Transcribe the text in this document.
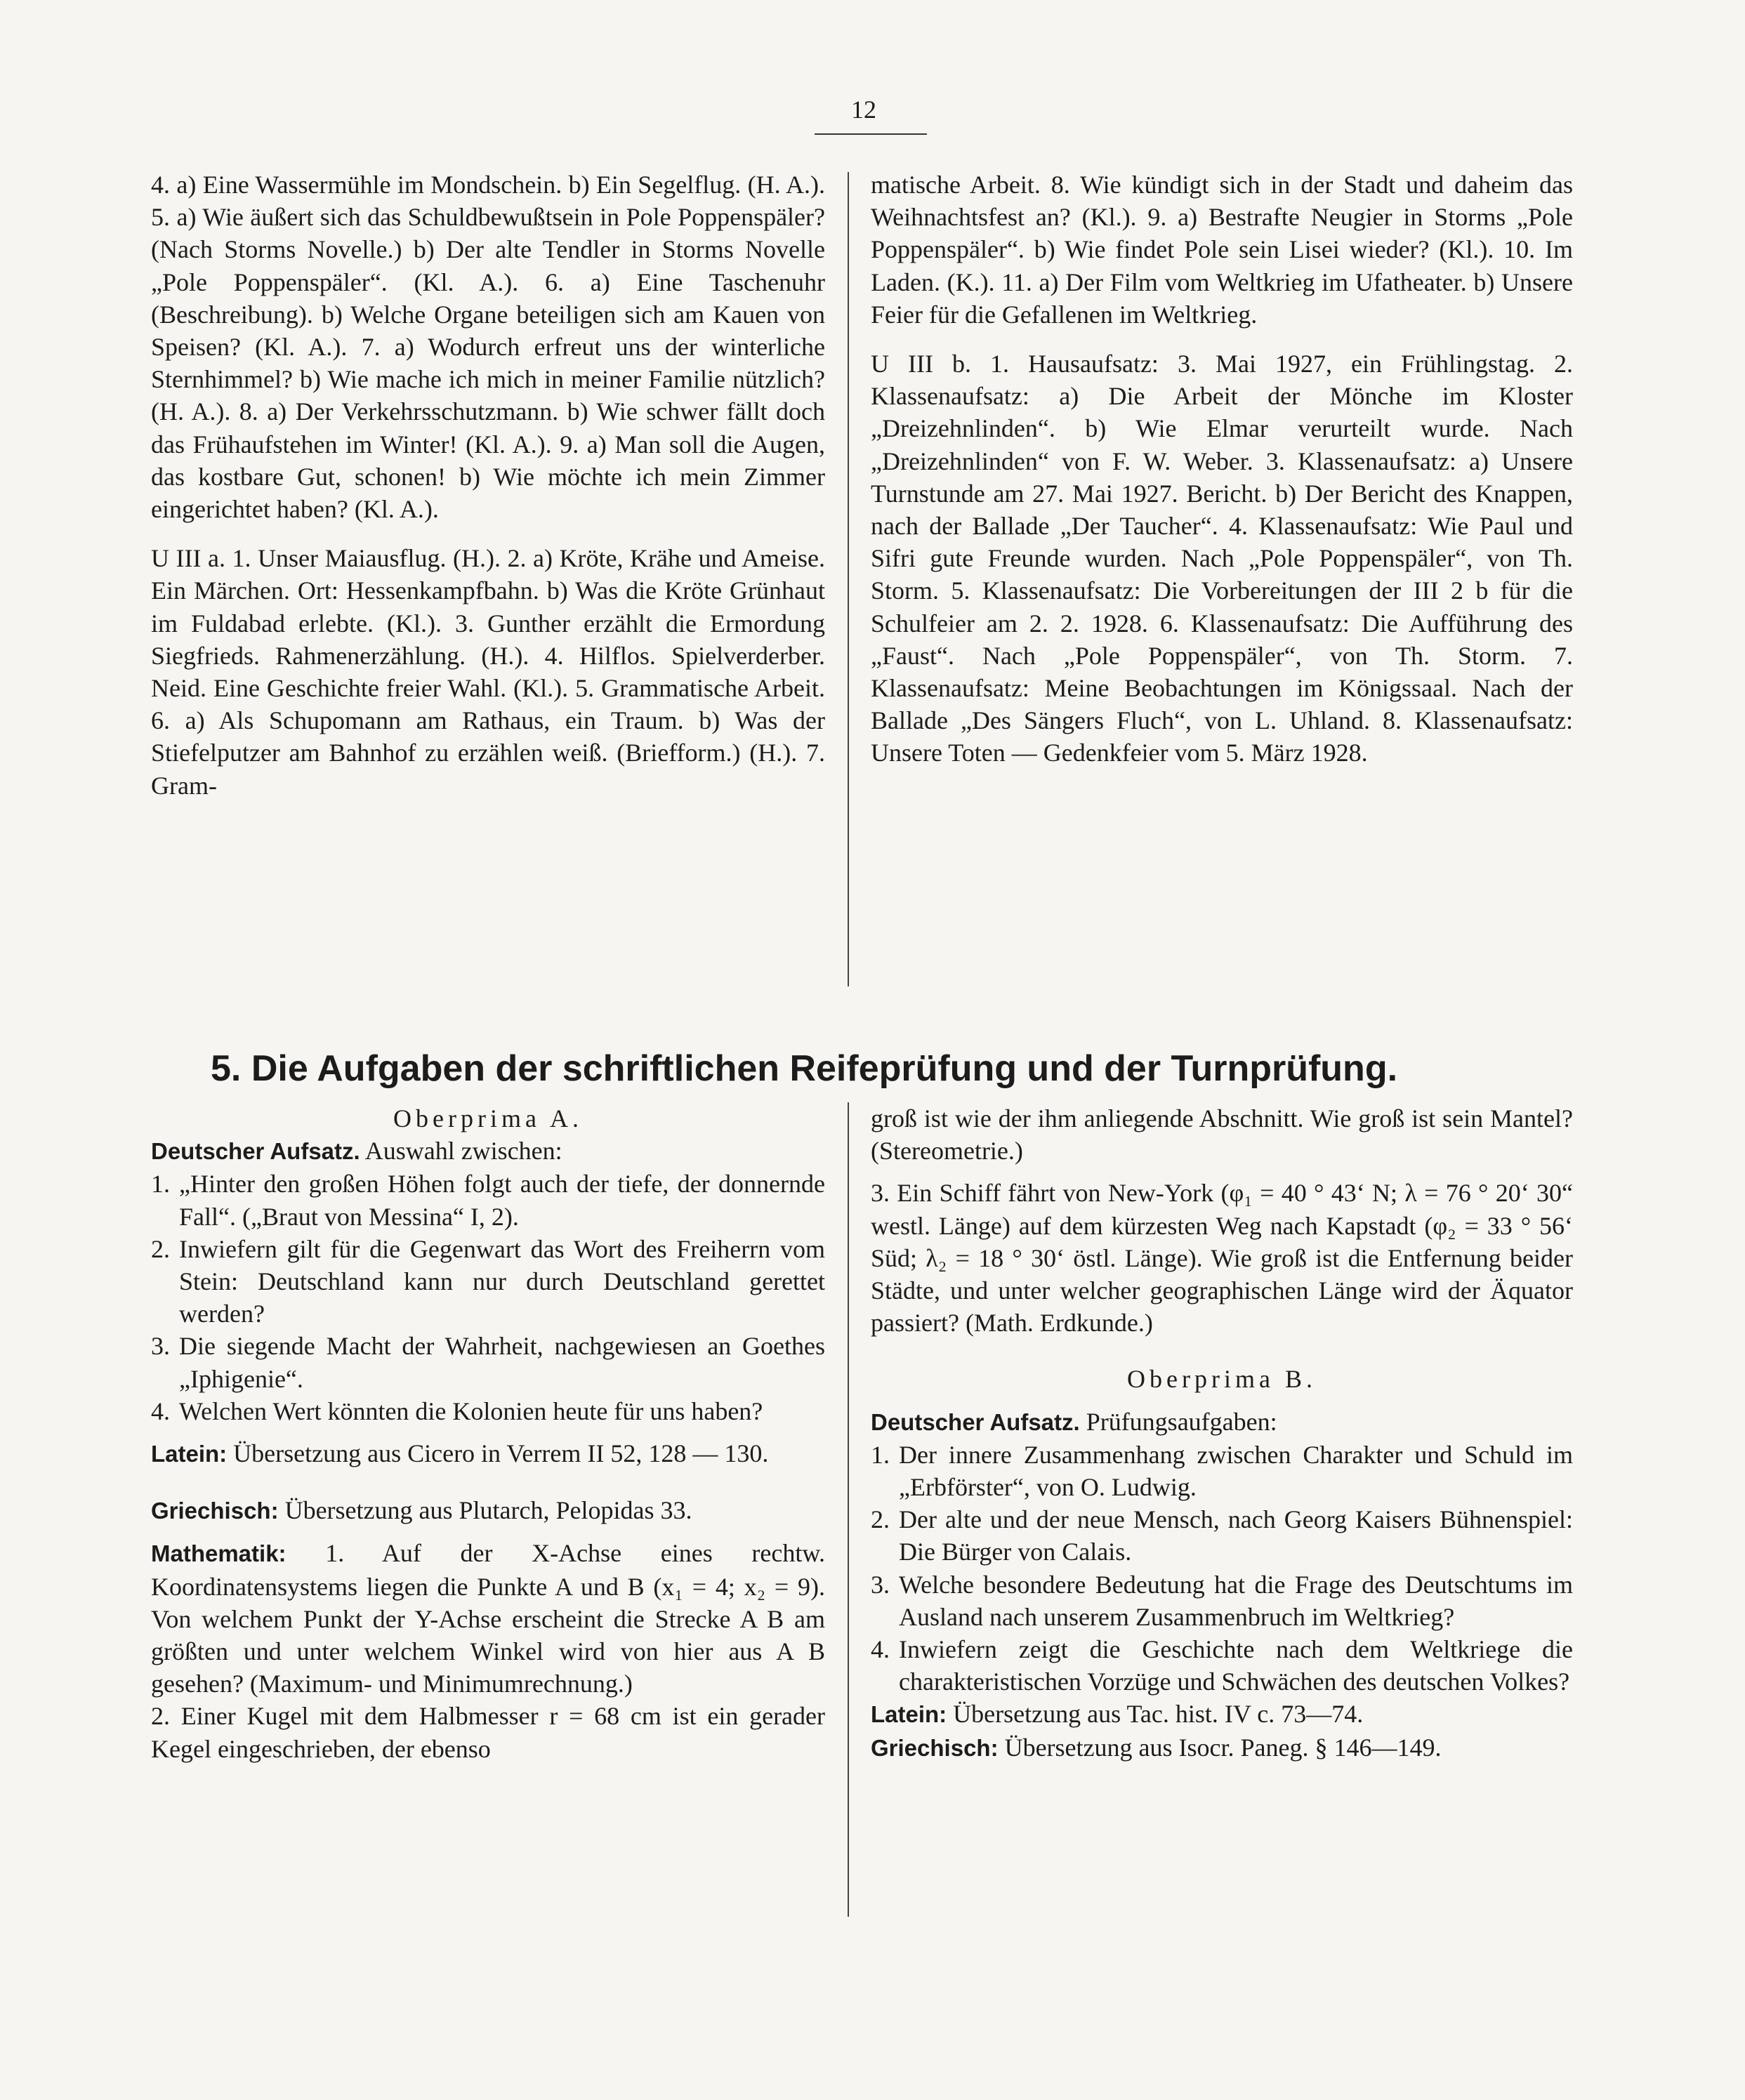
12

4. a) Eine Wassermühle im Mondschein. b) Ein Segelflug. (H. A.). 5. a) Wie äußert sich das Schuldbewußtsein in Pole Poppenspäler? (Nach Storms Novelle.) b) Der alte Tendler in Storms Novelle „Pole Poppenspäler“. (Kl. A.). 6. a) Eine Taschenuhr (Beschreibung). b) Welche Organe beteiligen sich am Kauen von Speisen? (Kl. A.). 7. a) Wodurch erfreut uns der winterliche Sternhimmel? b) Wie mache ich mich in meiner Familie nützlich? (H. A.). 8. a) Der Verkehrsschutzmann. b) Wie schwer fällt doch das Frühaufstehen im Winter! (Kl. A.). 9. a) Man soll die Augen, das kostbare Gut, schonen! b) Wie möchte ich mein Zimmer eingerichtet haben? (Kl. A.).

U III a. 1. Unser Maiausflug. (H.). 2. a) Kröte, Krähe und Ameise. Ein Märchen. Ort: Hessenkampfbahn. b) Was die Kröte Grünhaut im Fuldabad erlebte. (Kl.). 3. Gunther erzählt die Ermordung Siegfrieds. Rahmenerzählung. (H.). 4. Hilflos. Spielverderber. Neid. Eine Geschichte freier Wahl. (Kl.). 5. Grammatische Arbeit. 6. a) Als Schupomann am Rathaus, ein Traum. b) Was der Stiefelputzer am Bahnhof zu erzählen weiß. (Briefform.) (H.). 7. Gram-

matische Arbeit. 8. Wie kündigt sich in der Stadt und daheim das Weihnachtsfest an? (Kl.). 9. a) Bestrafte Neugier in Storms „Pole Poppenspäler“. b) Wie findet Pole sein Lisei wieder? (Kl.). 10. Im Laden. (K.). 11. a) Der Film vom Weltkrieg im Ufatheater. b) Unsere Feier für die Gefallenen im Weltkrieg.

U III b. 1. Hausaufsatz: 3. Mai 1927, ein Frühlingstag. 2. Klassenaufsatz: a) Die Arbeit der Mönche im Kloster „Dreizehnlinden“. b) Wie Elmar verurteilt wurde. Nach „Dreizehnlinden“ von F. W. Weber. 3. Klassenaufsatz: a) Unsere Turnstunde am 27. Mai 1927. Bericht. b) Der Bericht des Knappen, nach der Ballade „Der Taucher“. 4. Klassenaufsatz: Wie Paul und Sifri gute Freunde wurden. Nach „Pole Poppenspäler“, von Th. Storm. 5. Klassenaufsatz: Die Vorbereitungen der III 2 b für die Schulfeier am 2. 2. 1928. 6. Klassenaufsatz: Die Aufführung des „Faust“. Nach „Pole Poppenspäler“, von Th. Storm. 7. Klassenaufsatz: Meine Beobachtungen im Königssaal. Nach der Ballade „Des Sängers Fluch“, von L. Uhland. 8. Klassenaufsatz: Unsere Toten — Gedenkfeier vom 5. März 1928.

5. Die Aufgaben der schriftlichen Reifeprüfung und der Turnprüfung.

Oberprima A.

Deutscher Aufsatz. Auswahl zwischen:

1. „Hinter den großen Höhen folgt auch der tiefe, der donnernde Fall“. („Braut von Messina“ I, 2).
2. Inwiefern gilt für die Gegenwart das Wort des Freiherrn vom Stein: Deutschland kann nur durch Deutschland gerettet werden?
3. Die siegende Macht der Wahrheit, nachgewiesen an Goethes „Iphigenie“.
4. Welchen Wert könnten die Kolonien heute für uns haben?

Latein: Übersetzung aus Cicero in Verrem II 52, 128 — 130.

Griechisch: Übersetzung aus Plutarch, Pelopidas 33.

Mathematik: 1. Auf der X-Achse eines rechtw. Koordinatensystems liegen die Punkte A und B (x₁ = 4; x₂ = 9). Von welchem Punkt der Y-Achse erscheint die Strecke A B am größten und unter welchem Winkel wird von hier aus A B gesehen? (Maximum- und Minimumrechnung.)

2. Einer Kugel mit dem Halbmesser r = 68 cm ist ein gerader Kegel eingeschrieben, der ebenso

groß ist wie der ihm anliegende Abschnitt. Wie groß ist sein Mantel? (Stereometrie.)

3. Ein Schiff fährt von New-York (φ₁ = 40 ° 43‘ N; λ = 76 ° 20‘ 30“ westl. Länge) auf dem kürzesten Weg nach Kapstadt (φ₂ = 33 ° 56‘ Süd; λ₂ = 18 ° 30‘ östl. Länge). Wie groß ist die Entfernung beider Städte, und unter welcher geographischen Länge wird der Äquator passiert? (Math. Erdkunde.)

Oberprima B.

Deutscher Aufsatz. Prüfungsaufgaben:

1. Der innere Zusammenhang zwischen Charakter und Schuld im „Erbförster“, von O. Ludwig.
2. Der alte und der neue Mensch, nach Georg Kaisers Bühnenspiel: Die Bürger von Calais.
3. Welche besondere Bedeutung hat die Frage des Deutschtums im Ausland nach unserem Zusammenbruch im Weltkrieg?
4. Inwiefern zeigt die Geschichte nach dem Weltkriege die charakteristischen Vorzüge und Schwächen des deutschen Volkes?

Latein: Übersetzung aus Tac. hist. IV c. 73—74.

Griechisch: Übersetzung aus Isocr. Paneg. § 146—149.
